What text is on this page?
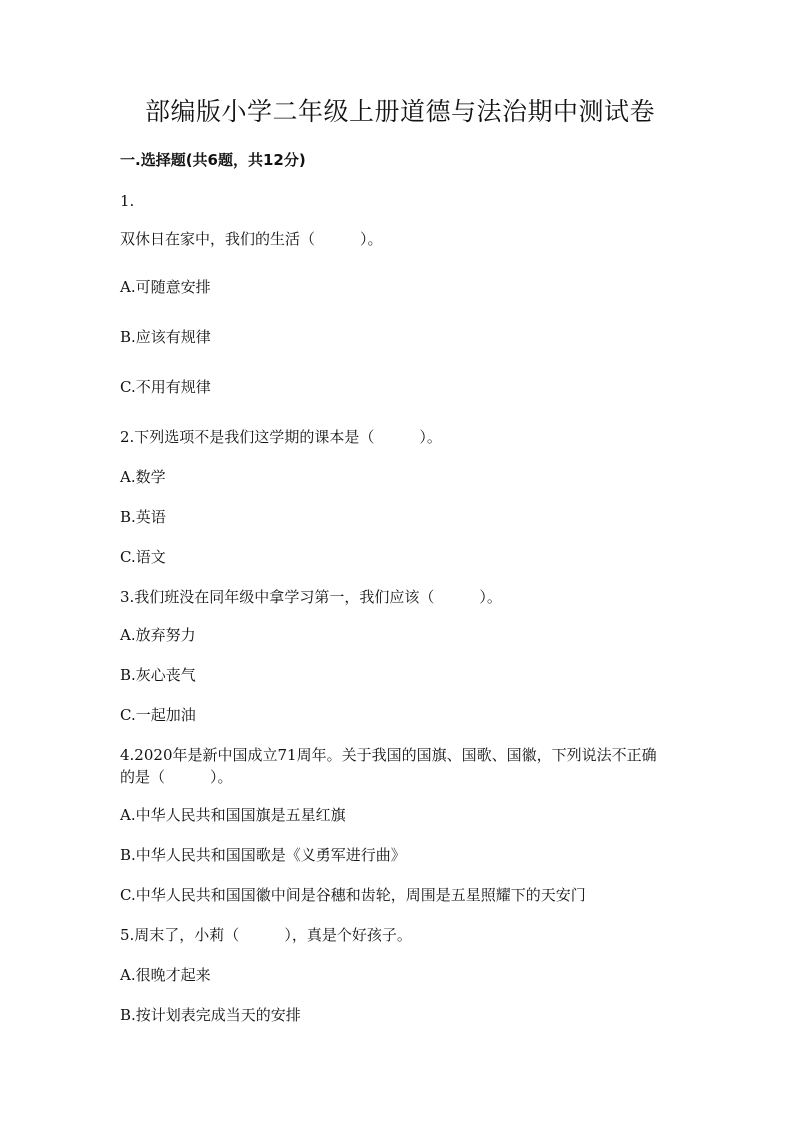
部编版小学二年级上册道德与法治期中测试卷
一.选择题(共6题，共12分)
1.
双休日在家中，我们的生活（　　　）。
A.可随意安排
B.应该有规律
C.不用有规律
2.下列选项不是我们这学期的课本是（　　　）。
A.数学
B.英语
C.语文
3.我们班没在同年级中拿学习第一，我们应该（　　　）。
A.放弃努力
B.灰心丧气
C.一起加油
4.2020年是新中国成立71周年。关于我国的国旗、国歌、国徽，下列说法不正确的是（　　　）。
A.中华人民共和国国旗是五星红旗
B.中华人民共和国国歌是《义勇军进行曲》
C.中华人民共和国国徽中间是谷穗和齿轮，周围是五星照耀下的天安门
5.周末了，小莉（　　　），真是个好孩子。
A.很晚才起来
B.按计划表完成当天的安排
